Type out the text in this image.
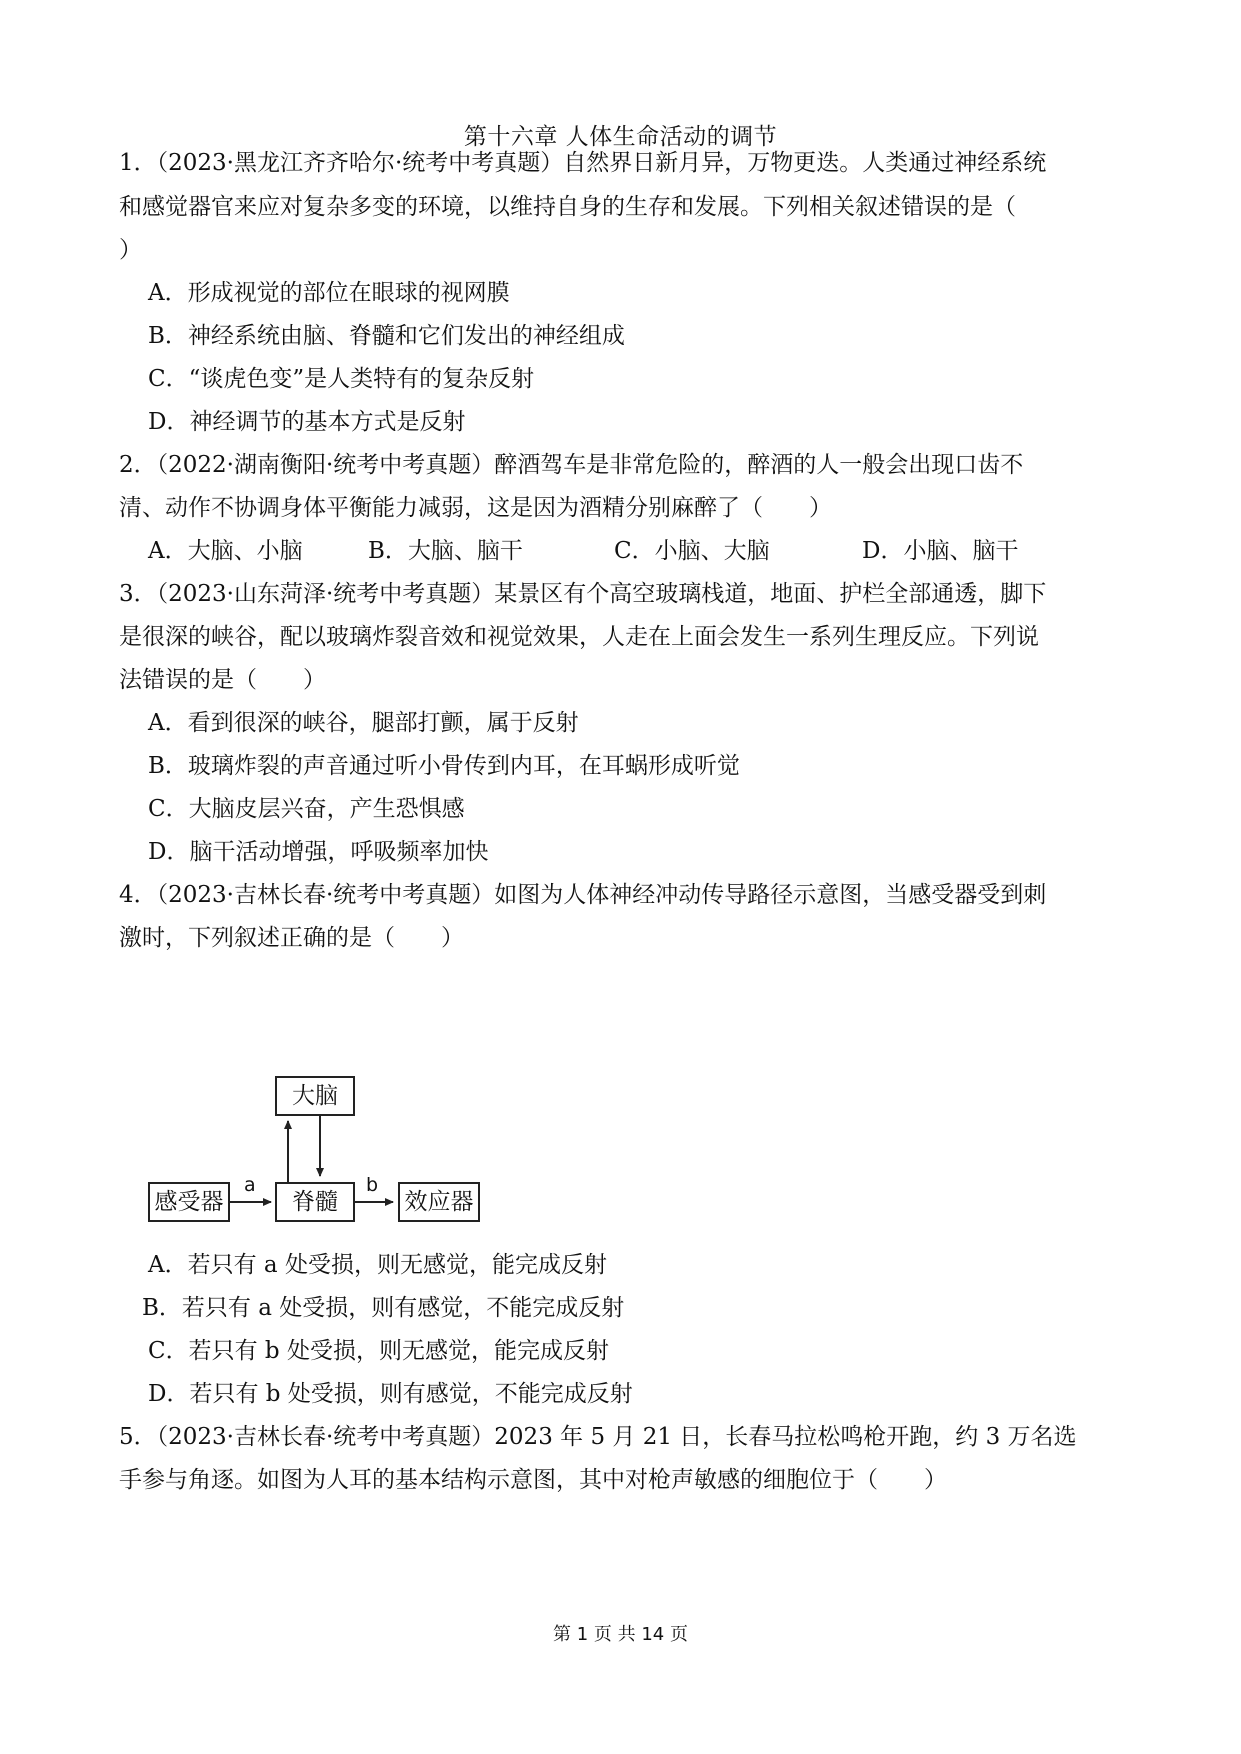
第十六章 人体生命活动的调节
1．（2023·黑龙江齐齐哈尔·统考中考真题）自然界日新月异，万物更迭。人类通过神经系统
和感觉器官来应对复杂多变的环境，以维持自身的生存和发展。下列相关叙述错误的是（
）
A．形成视觉的部位在眼球的视网膜
B．神经系统由脑、脊髓和它们发出的神经组成
C．“谈虎色变”是人类特有的复杂反射
D．神经调节的基本方式是反射
2．（2022·湖南衡阳·统考中考真题）醉酒驾车是非常危险的，醉酒的人一般会出现口齿不
清、动作不协调身体平衡能力减弱，这是因为酒精分别麻醉了（　　）
A．大脑、小脑	B．大脑、脑干	C．小脑、大脑	D．小脑、脑干
3．（2023·山东菏泽·统考中考真题）某景区有个高空玻璃栈道，地面、护栏全部通透，脚下
是很深的峡谷，配以玻璃炸裂音效和视觉效果，人走在上面会发生一系列生理反应。下列说
法错误的是（　　）
A．看到很深的峡谷，腿部打颤，属于反射
B．玻璃炸裂的声音通过听小骨传到内耳，在耳蜗形成听觉
C．大脑皮层兴奋，产生恐惧感
D．脑干活动增强，呼吸频率加快
4．（2023·吉林长春·统考中考真题）如图为人体神经冲动传导路径示意图，当感受器受到刺
激时，下列叙述正确的是（　　）
大脑
感受器	脊髓	效应器
a	b
A．若只有 a 处受损，则无感觉，能完成反射
B．若只有 a 处受损，则有感觉，不能完成反射
C．若只有 b 处受损，则无感觉，能完成反射
D．若只有 b 处受损，则有感觉，不能完成反射
5．（2023·吉林长春·统考中考真题）2023 年 5 月 21 日，长春马拉松鸣枪开跑，约 3 万名选
手参与角逐。如图为人耳的基本结构示意图，其中对枪声敏感的细胞位于（　　）
第 1 页 共 14 页
